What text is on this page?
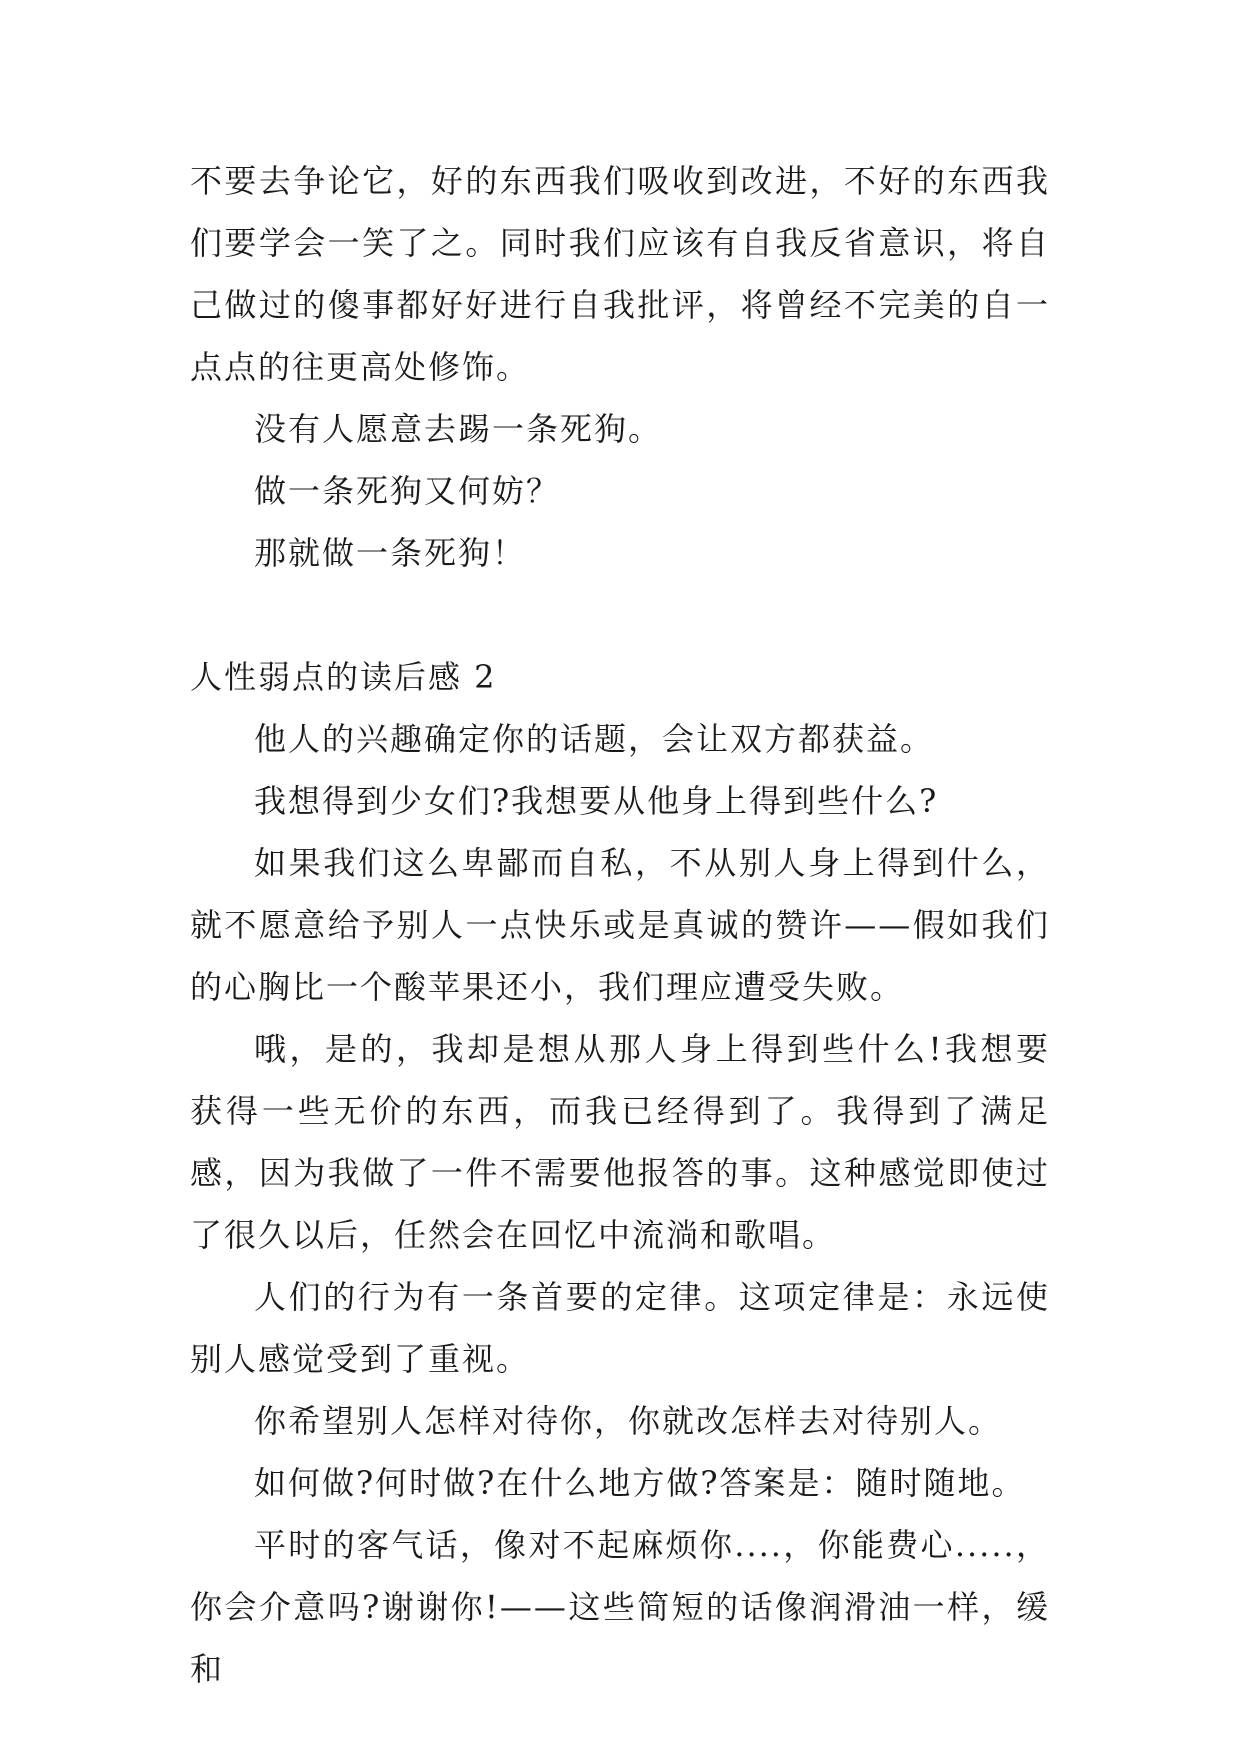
不要去争论它，好的东西我们吸收到改进，不好的东西我们要学会一笑了之。同时我们应该有自我反省意识，将自己做过的傻事都好好进行自我批评，将曾经不完美的自一点点的往更高处修饰。

没有人愿意去踢一条死狗。

做一条死狗又何妨？

那就做一条死狗！

人性弱点的读后感 2

他人的兴趣确定你的话题，会让双方都获益。

我想得到少女们?我想要从他身上得到些什么?

如果我们这么卑鄙而自私，不从别人身上得到什么，就不愿意给予别人一点快乐或是真诚的赞许——假如我们的心胸比一个酸苹果还小，我们理应遭受失败。

哦，是的，我却是想从那人身上得到些什么!我想要获得一些无价的东西，而我已经得到了。我得到了满足感，因为我做了一件不需要他报答的事。这种感觉即使过了很久以后，任然会在回忆中流淌和歌唱。

人们的行为有一条首要的定律。这项定律是：永远使别人感觉受到了重视。

你希望别人怎样对待你，你就改怎样去对待别人。

如何做?何时做?在什么地方做?答案是：随时随地。

平时的客气话，像对不起麻烦你....，你能费心.....，你会介意吗?谢谢你!——这些简短的话像润滑油一样，缓和
